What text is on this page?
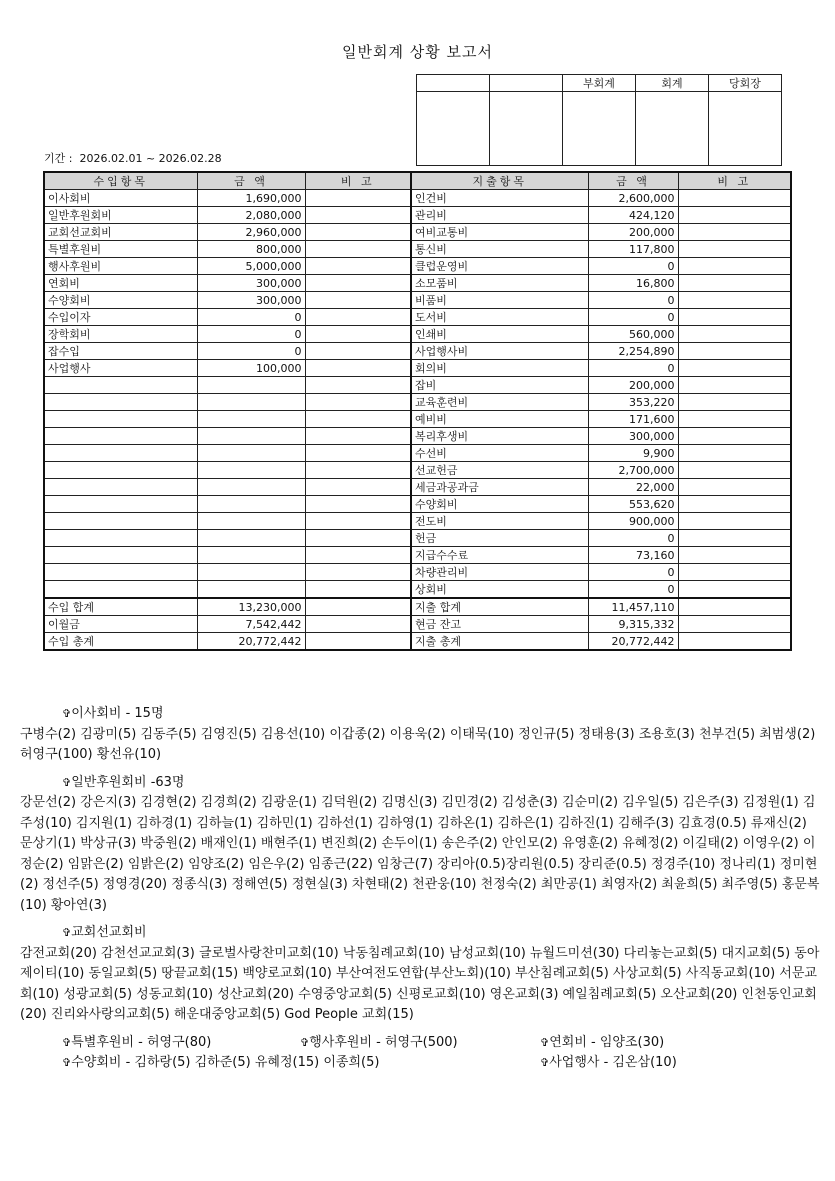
일반회계 상황 보고서
		부회계	회계	당회장

기간 : 2026.02.01 ~ 2026.02.28
수입항목	금 액	비 고	지출항목	금 액	비 고
이사회비	1,690,000		인건비	2,600,000	
일반후원회비	2,080,000		관리비	424,120	
교회선교회비	2,960,000		여비교통비	200,000	
특별후원비	800,000		통신비	117,800	
행사후원비	5,000,000		클럽운영비	0	
연회비	300,000		소모품비	16,800	
수양회비	300,000		비품비	0	
수입이자	0		도서비	0	
장학회비	0		인쇄비	560,000	
잡수입	0		사업행사비	2,254,890	
사업행사	100,000		회의비	0	
			잡비	200,000	
			교육훈련비	353,220	
			예비비	171,600	
			복리후생비	300,000	
			수선비	9,900	
			선교헌금	2,700,000	
			세금과공과금	22,000	
			수양회비	553,620	
			전도비	900,000	
			헌금	0	
			지급수수료	73,160	
			차량관리비	0	
			상회비	0	
수입 합계	13,230,000		지출 합계	11,457,110	
이월금	7,542,442		현금 잔고	9,315,332	
수입 총계	20,772,442		지출 총계	20,772,442	
✞이사회비 - 15명
구병수(2) 김광미(5) 김동주(5) 김영진(5) 김용선(10) 이갑종(2) 이용욱(2) 이태묵(10) 정인규(5) 정태용(3) 조용호(3) 천부건(5) 최범생(2) 허영구(100) 황선유(10)
✞일반후원회비 -63명
강문선(2) 강은지(3) 김경현(2) 김경희(2) 김광운(1) 김덕원(2) 김명신(3) 김민경(2) 김성춘(3) 김순미(2) 김우일(5) 김은주(3) 김정원(1) 김주성(10) 김지원(1) 김하경(1) 김하늘(1) 김하민(1) 김하선(1) 김하영(1) 김하온(1) 김하은(1) 김하진(1) 김해주(3) 김효경(0.5) 류재신(2) 문상기(1) 박상규(3) 박중원(2) 배재인(1) 배현주(1) 변진희(2) 손두이(1) 송은주(2) 안인모(2) 유영훈(2) 유혜정(2) 이길태(2) 이영우(2) 이정순(2) 임맑은(2) 임밝은(2) 임양조(2) 임은우(2) 임종근(22) 임창근(7) 장리아(0.5)장리원(0.5) 장리준(0.5) 정경주(10) 정나리(1) 정미현(2) 정선주(5) 정영경(20) 정종식(3) 정해연(5) 정현실(3) 차현태(2) 천관웅(10) 천정숙(2) 최만공(1) 최영자(2) 최윤희(5) 최주영(5) 홍문복(10) 황아연(3)
✞교회선교회비
감전교회(20) 감천선교교회(3) 글로벌사랑찬미교회(10) 낙동침례교회(10) 남성교회(10) 뉴월드미션(30) 다리놓는교회(5) 대지교회(5) 동아제이티(10) 동일교회(5) 땅끝교회(15) 백양로교회(10) 부산여전도연합(부산노회)(10) 부산침례교회(5) 사상교회(5) 사직동교회(10) 서문교회(10) 성광교회(5) 성동교회(10) 성산교회(20) 수영중앙교회(5) 신평로교회(10) 영온교회(3) 예일침례교회(5) 오산교회(20) 인천동인교회(20) 진리와사랑의교회(5) 해운대중앙교회(5) God People 교회(15)
✞특별후원비 - 허영구(80)	✞행사후원비 - 허영구(500)	✞연회비 - 임양조(30)
✞수양회비 - 김하랑(5) 김하준(5) 유혜정(15) 이종희(5)	✞사업행사 - 김온삼(10)
